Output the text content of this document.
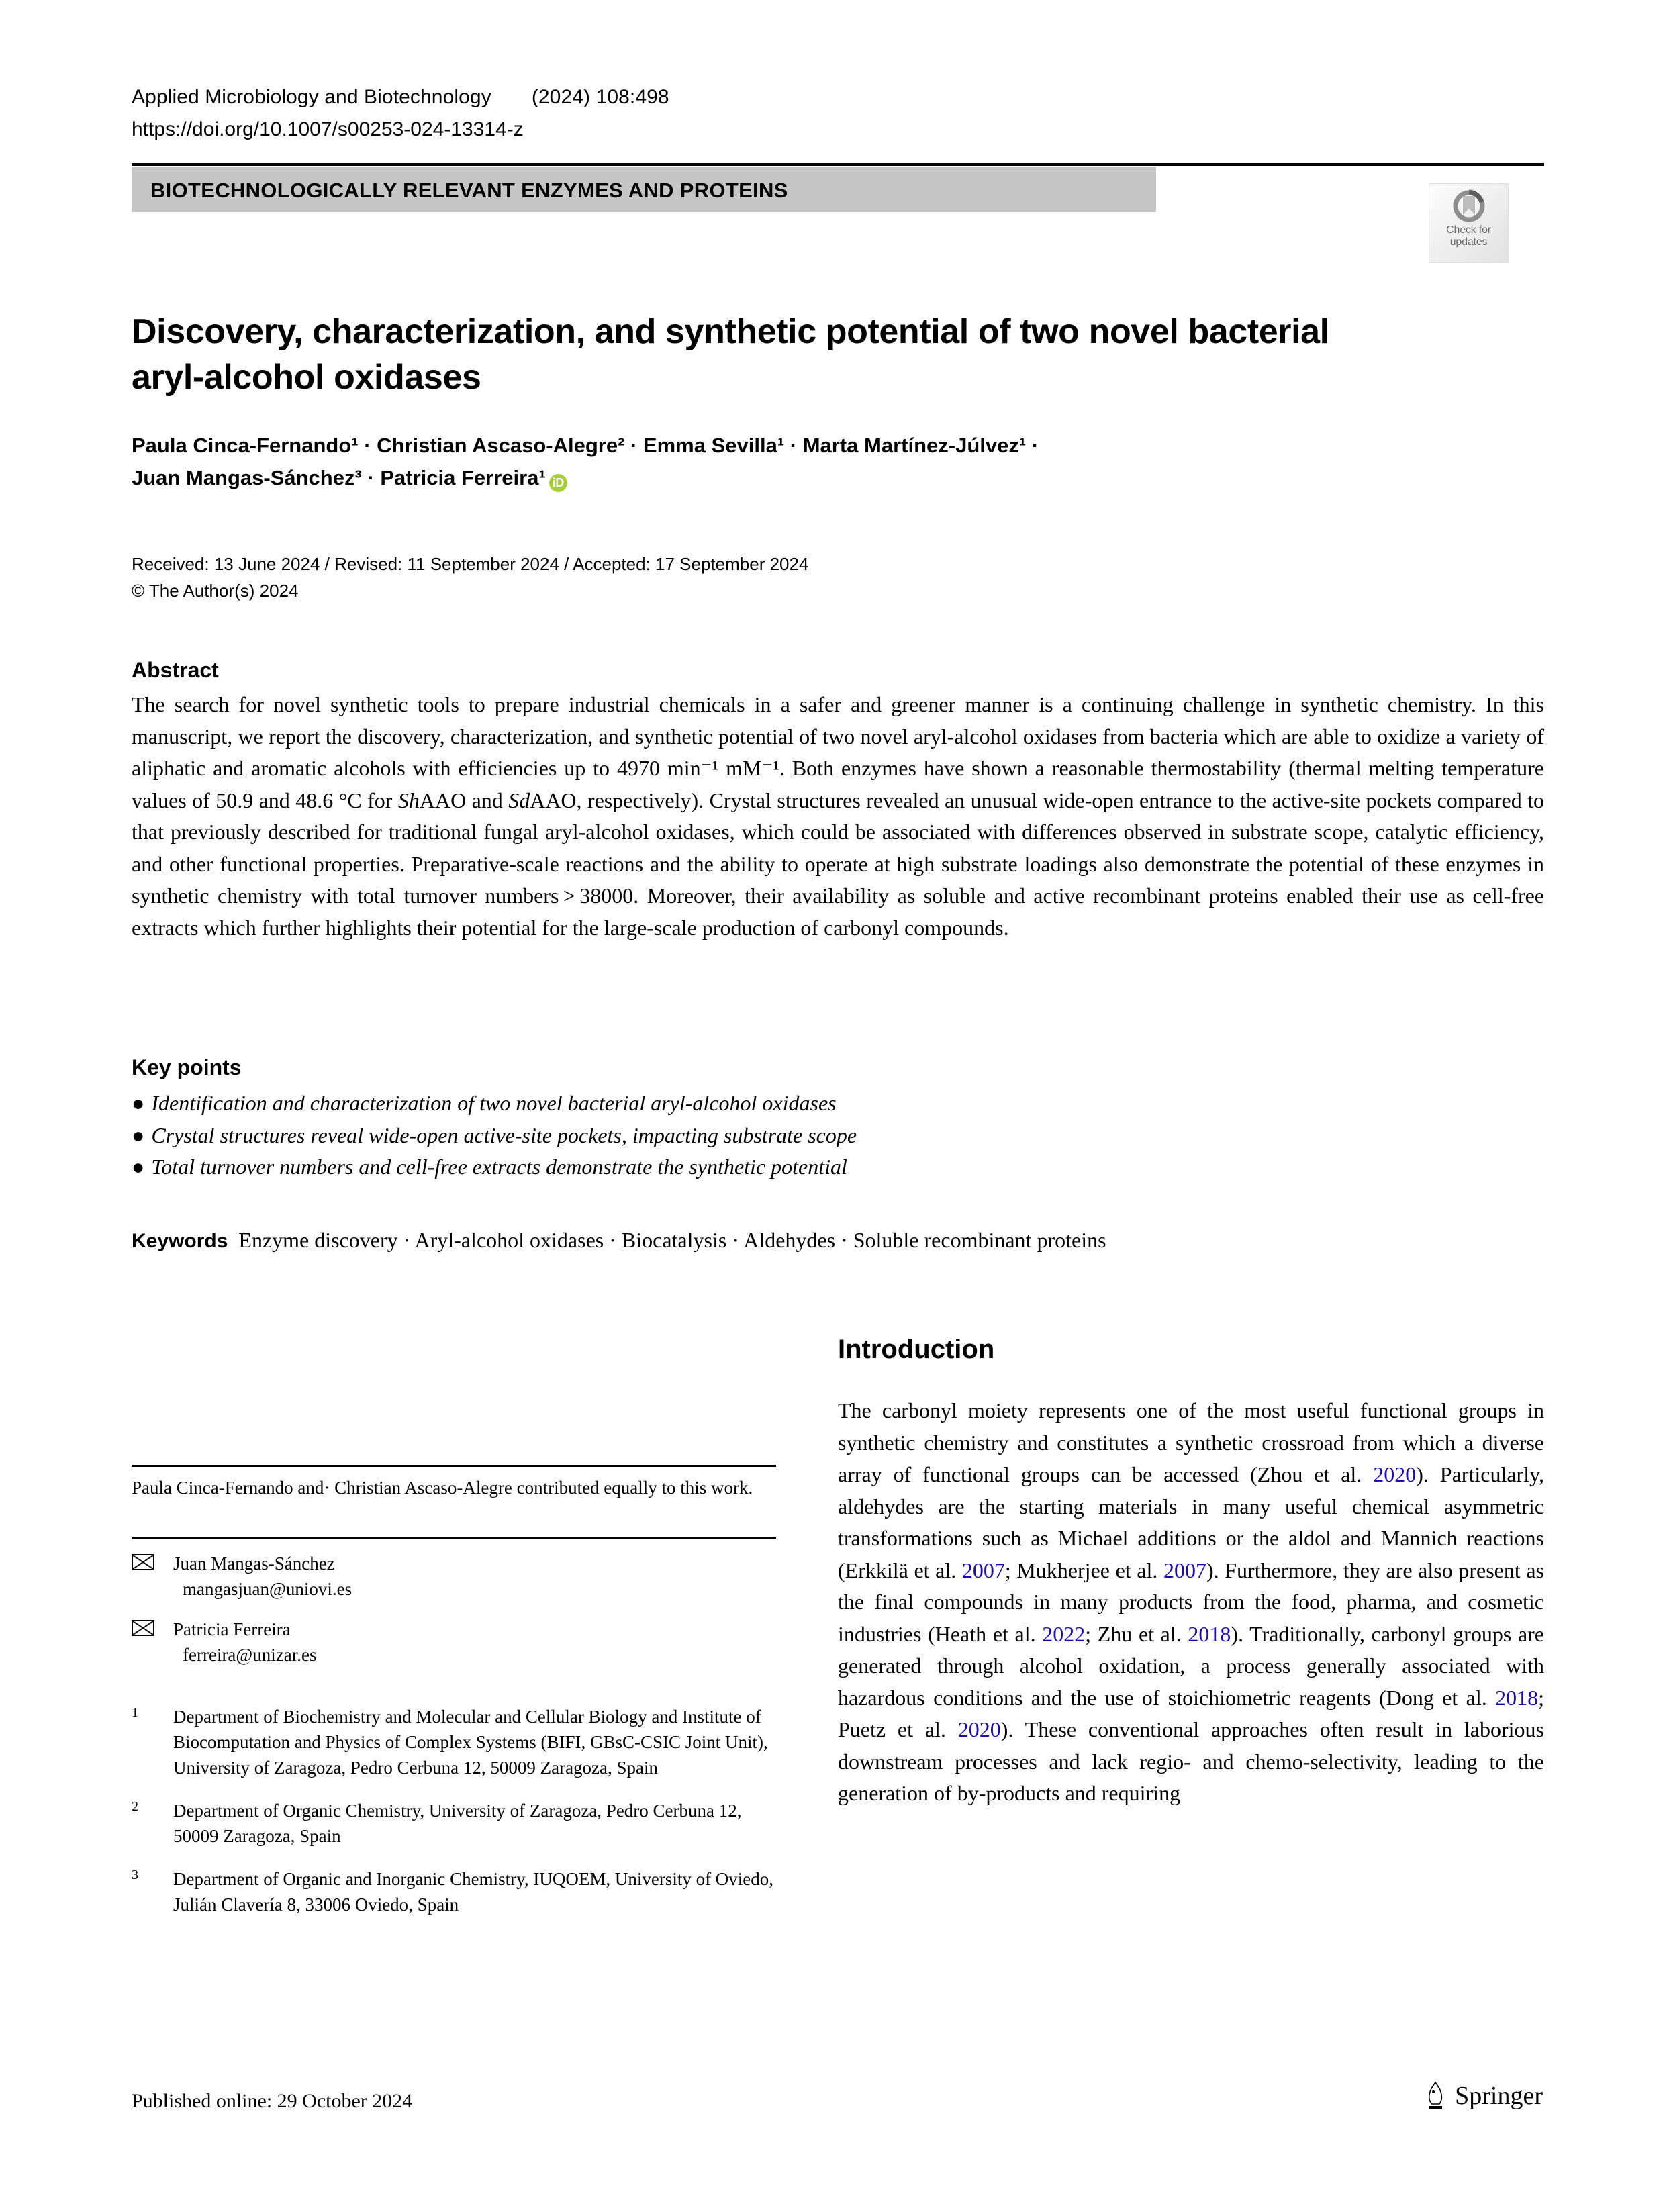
Applied Microbiology and Biotechnology (2024) 108:498
https://doi.org/10.1007/s00253-024-13314-z
BIOTECHNOLOGICALLY RELEVANT ENZYMES AND PROTEINS
Check for
updates
Discovery, characterization, and synthetic potential of two novel bacterial aryl-alcohol oxidases
Paula Cinca-Fernando¹ · Christian Ascaso-Alegre² · Emma Sevilla¹ · Marta Martínez-Júlvez¹ ·
Juan Mangas-Sánchez³ · Patricia Ferreira¹ iD
Received: 13 June 2024 / Revised: 11 September 2024 / Accepted: 17 September 2024
© The Author(s) 2024
Abstract
The search for novel synthetic tools to prepare industrial chemicals in a safer and greener manner is a continuing challenge in synthetic chemistry. In this manuscript, we report the discovery, characterization, and synthetic potential of two novel aryl-alcohol oxidases from bacteria which are able to oxidize a variety of aliphatic and aromatic alcohols with efficiencies up to 4970 min⁻¹ mM⁻¹. Both enzymes have shown a reasonable thermostability (thermal melting temperature values of 50.9 and 48.6 °C for ShAAO and SdAAO, respectively). Crystal structures revealed an unusual wide-open entrance to the active-site pockets compared to that previously described for traditional fungal aryl-alcohol oxidases, which could be associated with differences observed in substrate scope, catalytic efficiency, and other functional properties. Preparative-scale reactions and the ability to operate at high substrate loadings also demonstrate the potential of these enzymes in synthetic chemistry with total turnover numbers > 38000. Moreover, their availability as soluble and active recombinant proteins enabled their use as cell-free extracts which further highlights their potential for the large-scale production of carbonyl compounds.
Key points
● Identification and characterization of two novel bacterial aryl-alcohol oxidases
● Crystal structures reveal wide-open active-site pockets, impacting substrate scope
● Total turnover numbers and cell-free extracts demonstrate the synthetic potential
Keywords Enzyme discovery · Aryl-alcohol oxidases · Biocatalysis · Aldehydes · Soluble recombinant proteins
Paula Cinca-Fernando and· Christian Ascaso-Alegre contributed equally to this work.
Juan Mangas-Sánchez
mangasjuan@uniovi.es
Patricia Ferreira
ferreira@unizar.es
1 Department of Biochemistry and Molecular and Cellular Biology and Institute of Biocomputation and Physics of Complex Systems (BIFI, GBsC-CSIC Joint Unit), University of Zaragoza, Pedro Cerbuna 12, 50009 Zaragoza, Spain
2 Department of Organic Chemistry, University of Zaragoza, Pedro Cerbuna 12, 50009 Zaragoza, Spain
3 Department of Organic and Inorganic Chemistry, IUQOEM, University of Oviedo, Julián Clavería 8, 33006 Oviedo, Spain
Introduction
The carbonyl moiety represents one of the most useful functional groups in synthetic chemistry and constitutes a synthetic crossroad from which a diverse array of functional groups can be accessed (Zhou et al. 2020). Particularly, aldehydes are the starting materials in many useful chemical asymmetric transformations such as Michael additions or the aldol and Mannich reactions (Erkkilä et al. 2007; Mukherjee et al. 2007). Furthermore, they are also present as the final compounds in many products from the food, pharma, and cosmetic industries (Heath et al. 2022; Zhu et al. 2018). Traditionally, carbonyl groups are generated through alcohol oxidation, a process generally associated with hazardous conditions and the use of stoichiometric reagents (Dong et al. 2018; Puetz et al. 2020). These conventional approaches often result in laborious downstream processes and lack regio- and chemo-selectivity, leading to the generation of by-products and requiring
Published online: 29 October 2024	Springer
